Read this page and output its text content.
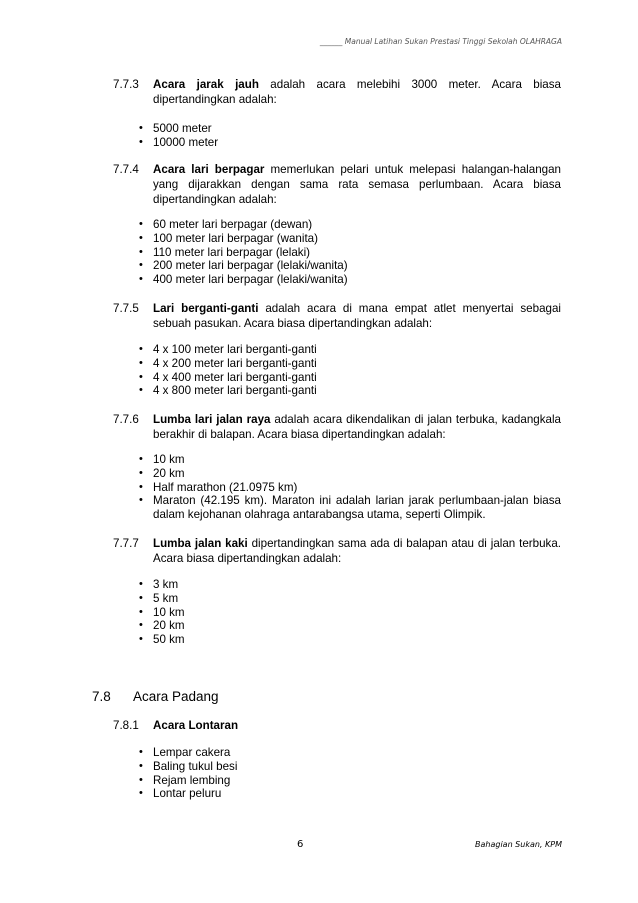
______ Manual Latihan Sukan Prestasi Tinggi Sekolah OLAHRAGA
7.7.3	Acara jarak jauh adalah acara melebihi 3000 meter. Acara biasa dipertandingkan adalah:
• 5000 meter
• 10000 meter
7.7.4	Acara lari berpagar memerlukan pelari untuk melepasi halangan-halangan yang dijarakkan dengan sama rata semasa perlumbaan. Acara biasa dipertandingkan adalah:
• 60 meter lari berpagar (dewan)
• 100 meter lari berpagar (wanita)
• 110 meter lari berpagar (lelaki)
• 200 meter lari berpagar (lelaki/wanita)
• 400 meter lari berpagar (lelaki/wanita)
7.7.5	Lari berganti-ganti adalah acara di mana empat atlet menyertai sebagai sebuah pasukan. Acara biasa dipertandingkan adalah:
• 4 x 100 meter lari berganti-ganti
• 4 x 200 meter lari berganti-ganti
• 4 x 400 meter lari berganti-ganti
• 4 x 800 meter lari berganti-ganti
7.7.6	Lumba lari jalan raya adalah acara dikendalikan di jalan terbuka, kadangkala berakhir di balapan. Acara biasa dipertandingkan adalah:
• 10 km
• 20 km
• Half marathon (21.0975 km)
• Maraton (42.195 km). Maraton ini adalah larian jarak perlumbaan-jalan biasa dalam kejohanan olahraga antarabangsa utama, seperti Olimpik.
7.7.7	Lumba jalan kaki dipertandingkan sama ada di balapan atau di jalan terbuka. Acara biasa dipertandingkan adalah:
• 3 km
• 5 km
• 10 km
• 20 km
• 50 km
7.8 Acara Padang
7.8.1	Acara Lontaran
• Lempar cakera
• Baling tukul besi
• Rejam lembing
• Lontar peluru
6	Bahagian Sukan, KPM
